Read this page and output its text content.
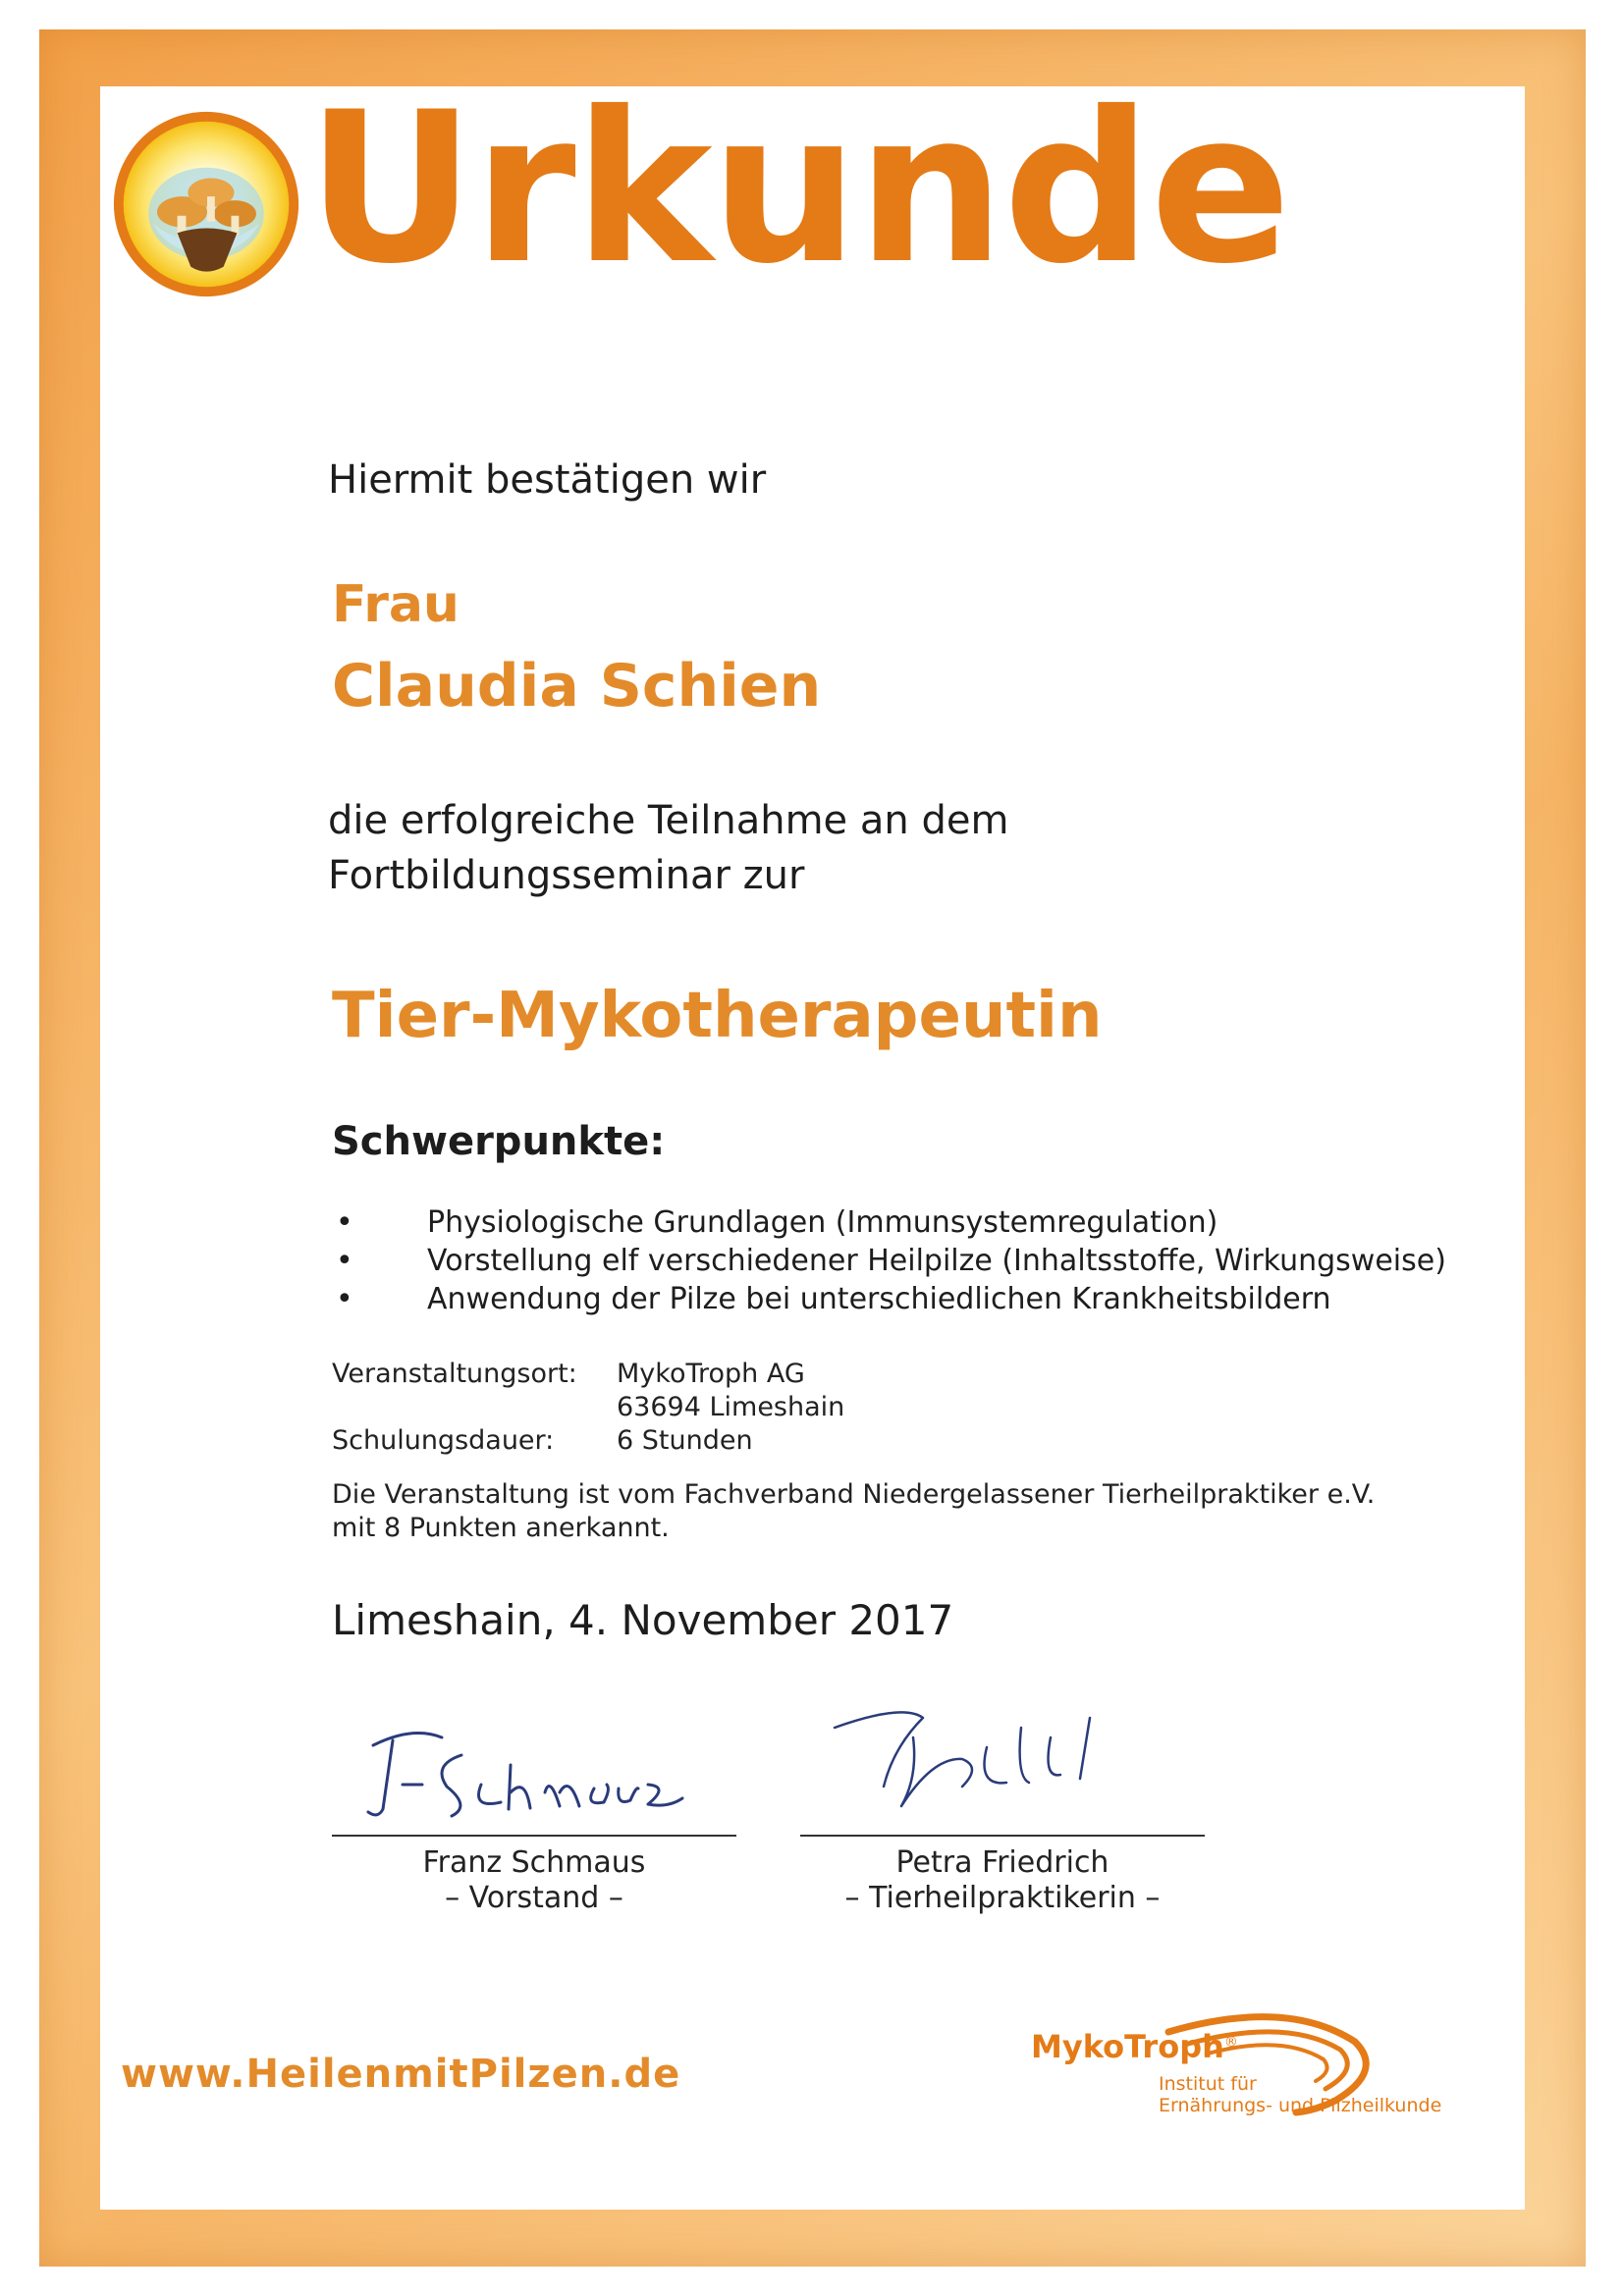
Urkunde
Hiermit bestätigen wir
Frau
Claudia Schien
die erfolgreiche Teilnahme an dem
Fortbildungsseminar zur
Tier-Mykotherapeutin
Schwerpunkte:
•	Physiologische Grundlagen (Immunsystemregulation)
•	Vorstellung elf verschiedener Heilpilze (Inhaltsstoffe, Wirkungsweise)
•	Anwendung der Pilze bei unterschiedlichen Krankheitsbildern
Veranstaltungsort: MykoTroph AG
63694 Limeshain
Schulungsdauer: 6 Stunden
Die Veranstaltung ist vom Fachverband Niedergelassener Tierheilpraktiker e.V.
mit 8 Punkten anerkannt.
Limeshain, 4. November 2017
Franz Schmaus
– Vorstand –
Petra Friedrich
– Tierheilpraktikerin –
www.HeilenmitPilzen.de
MykoTroph®
Institut für
Ernährungs- und Pilzheilkunde
